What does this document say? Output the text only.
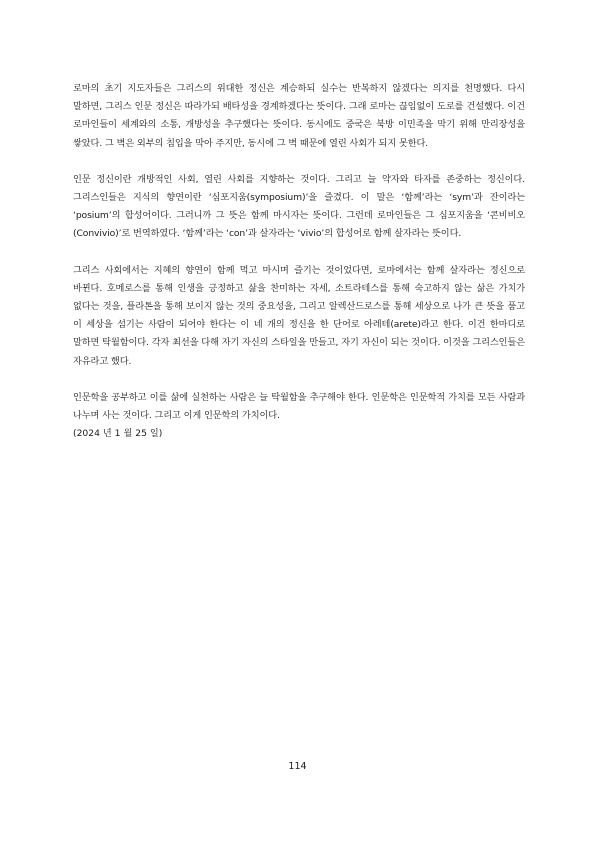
로마의 초기 지도자들은 그리스의 위대한 정신은 계승하되 실수는 반복하지 않겠다는 의지를 천명했다. 다시 말하면, 그리스 인문 정신은 따라가되 배타성을 경계하겠다는 뜻이다. 그래 로마는 끊임없이 도로를 건설했다. 이건 로마인들이 세계와의 소통, 개방성을 추구했다는 뜻이다. 동시에도 중국은 북방 이민족을 막기 위해 만리장성을 쌓았다. 그 벽은 외부의 침입을 막아 주지만, 동시에 그 벽 때문에 열린 사회가 되지 못한다.

인문 정신이란 개방적인 사회, 열린 사회를 지향하는 것이다. 그리고 늘 약자와 타자를 존중하는 정신이다. 그리스인들은 지식의 향연이란 ‘심포지움(symposium)’을 즐겼다. 이 말은 ‘함께’라는 ‘sym’과 잔이라는 ‘posium’의 합성어이다. 그러니까 그 뜻은 함께 마시자는 뜻이다. 그런데 로마인들은 그 심포지움을 ‘콘비비오(Convivio)’로 번역하였다. ‘함께’라는 ‘con’과 살자라는 ‘vivio’의 합성어로 함께 살자라는 뜻이다.

그리스 사회에서는 지혜의 향연이 함께 먹고 마시며 즐기는 것이었다면, 로마에서는 함께 살자라는 정신으로 바뀐다. 호메로스를 통해 인생을 긍정하고 삶을 찬미하는 자세, 소트라테스를 통해 숙고하지 않는 삶은 가치가 없다는 것을, 플라톤을 통해 보이지 않는 것의 중요성을, 그리고 알렉산드로스를 통해 세상으로 나가 큰 뜻을 품고 이 세상을 섬기는 사람이 되어야 한다는 이 네 개의 정신을 한 단어로 아레테(arete)라고 한다. 이건 한마디로 말하면 탁월함이다. 각자 최선을 다해 자기 자신의 스타일을 만들고, 자기 자신이 되는 것이다. 이것을 그리스인들은 자유라고 했다.

인문학을 공부하고 이를 삶에 실천하는 사람은 늘 탁월함을 추구해야 한다. 인문학은 인문학적 가치를 모든 사람과 나누며 사는 것이다. 그리고 이게 인문학의 가치이다.

(2024 년 1 월 25 일)

114
